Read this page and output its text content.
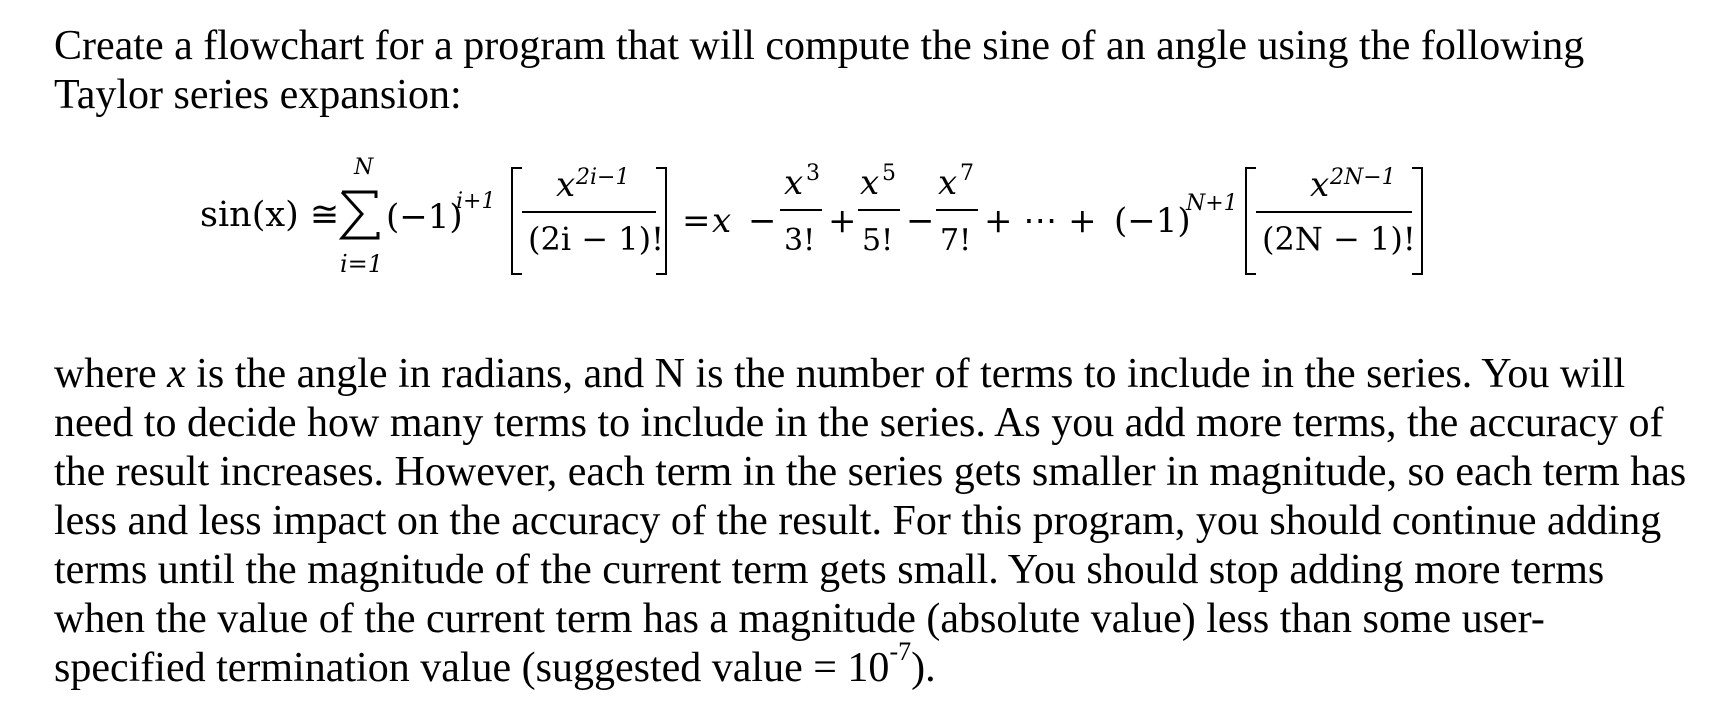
Create a flowchart for a program that will compute the sine of an angle using the following
Taylor series expansion:

sin(x) ≅
N
i=1
(−1)
i+1 x 2i−1
(2i − 1)! = x −
x 3
3! +
x 5
5! −
x 7
7! + ⋯ + (−1)
N+1 x 2N−1
(2N − 1)!

where x is the angle in radians, and N is the number of terms to include in the series. You will
need to decide how many terms to include in the series. As you add more terms, the accuracy of
the result increases. However, each term in the series gets smaller in magnitude, so each term has
less and less impact on the accuracy of the result. For this program, you should continue adding
terms until the magnitude of the current term gets small. You should stop adding more terms
when the value of the current term has a magnitude (absolute value) less than some user-
specified termination value (suggested value = $10^{-7}$).
